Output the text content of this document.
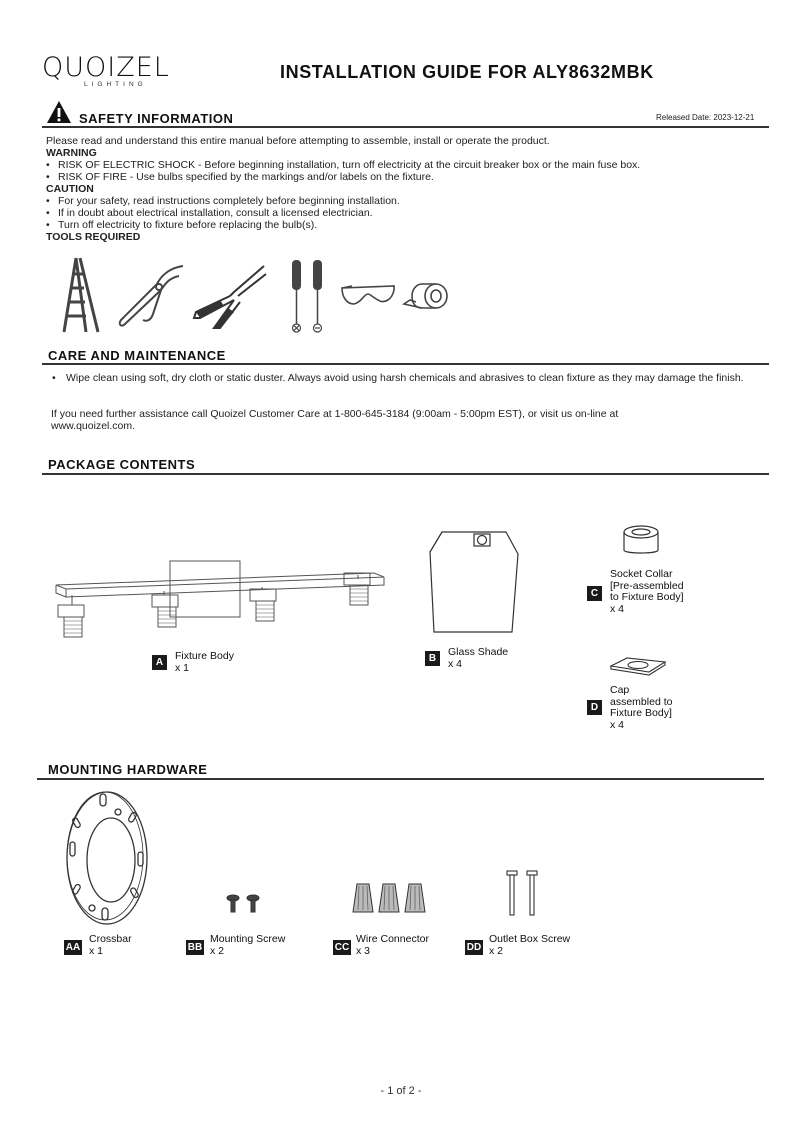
QUOIZEL
LIGHTING
INSTALLATION GUIDE FOR ALY8632MBK
SAFETY INFORMATION	Released Date: 2023-12-21
Please read and understand this entire manual before attempting to assemble, install or operate the product.
WARNING
• RISK OF ELECTRIC SHOCK - Before beginning installation, turn off electricity at the circuit breaker box or the main fuse box.
• RISK OF FIRE - Use bulbs specified by the markings and/or labels on the fixture.
CAUTION
• For your safety, read instructions completely before beginning installation.
• If in doubt about electrical installation, consult a licensed electrician.
• Turn off electricity to fixture before replacing the bulb(s).
TOOLS REQUIRED
CARE AND MAINTENANCE
• Wipe clean using soft, dry cloth or static duster. Always avoid using harsh chemicals and abrasives to clean fixture as they may damage the finish.
If you need further assistance call Quoizel Customer Care at 1-800-645-3184 (9:00am - 5:00pm EST), or visit us on-line at www.quoizel.com.
PACKAGE CONTENTS
A
Fixture Body
x 1
B
Glass Shade
x 4
C
Socket Collar
[Pre-assembled
to Fixture Body]
x 4
D
Cap
assembled to
Fixture Body]
x 4
MOUNTING HARDWARE
AA
Crossbar
x 1	BB
Mounting Screw
x 2	CC
Wire Connector
x 3	DD
Outlet Box Screw
x 2
- 1 of 2 -
